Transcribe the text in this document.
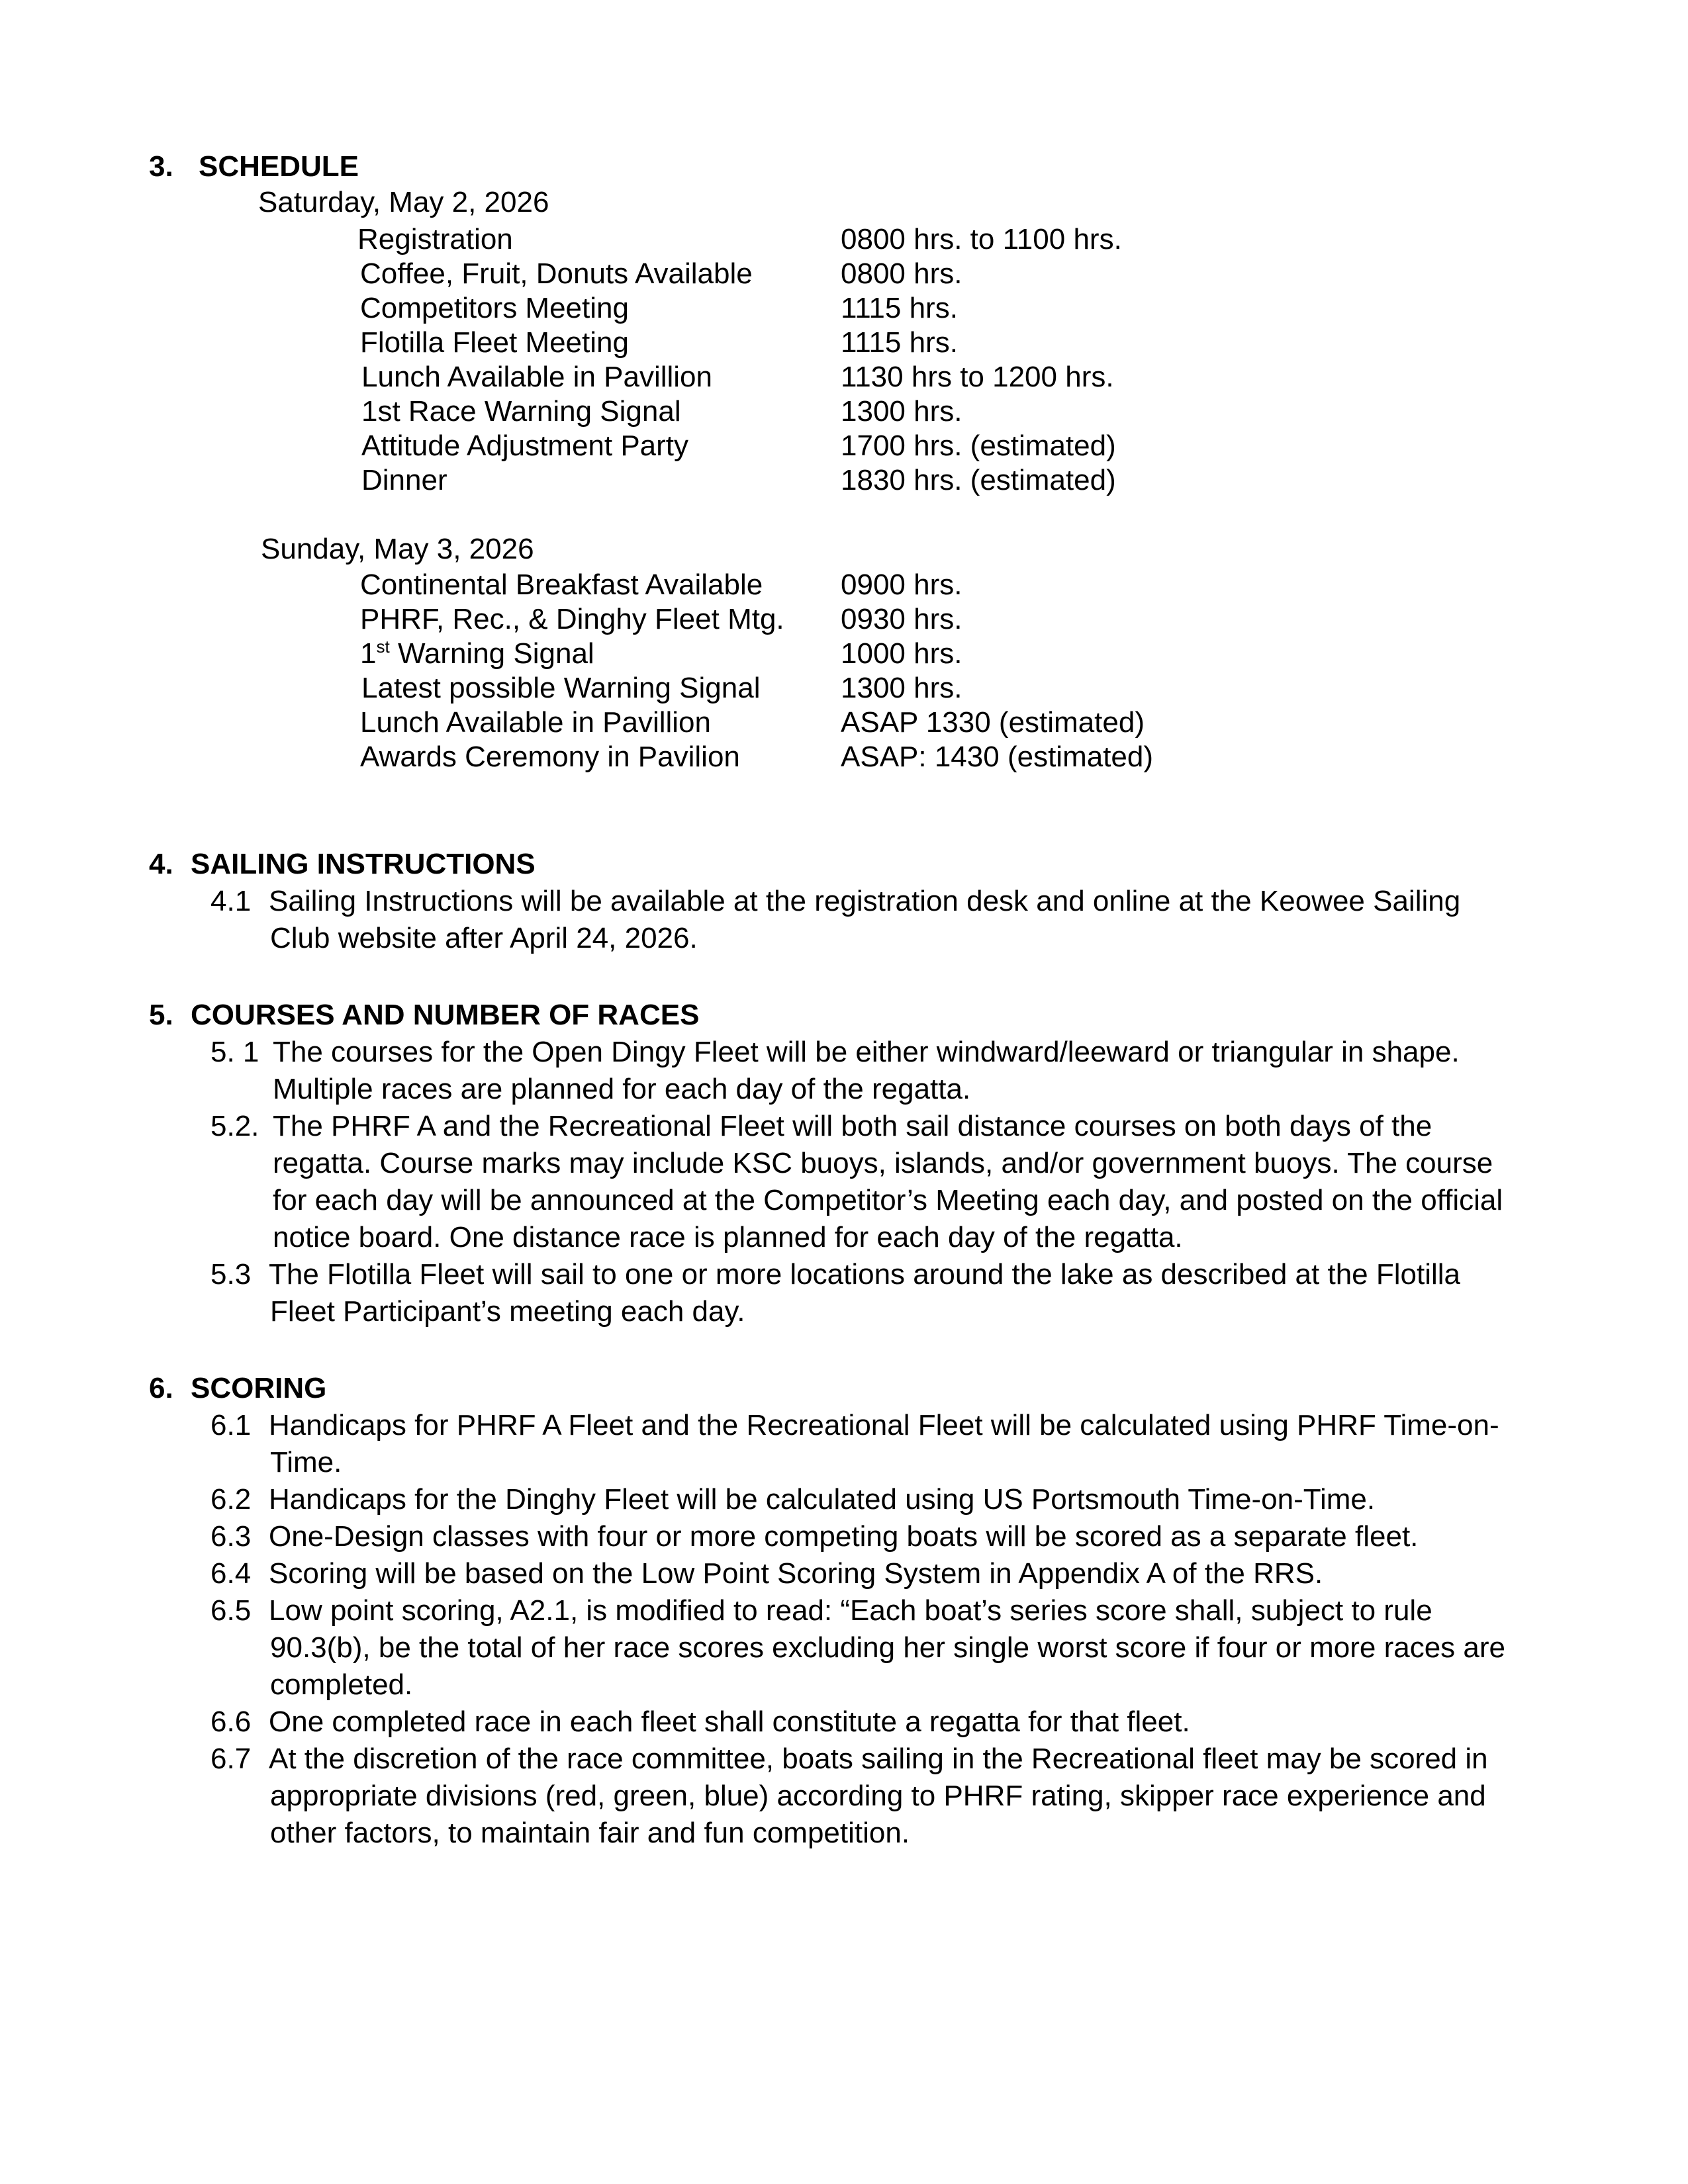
3. SCHEDULE
Saturday, May 2, 2026
Registration	0800 hrs. to 1100 hrs.
Coffee, Fruit, Donuts Available	0800 hrs.
Competitors Meeting	1115 hrs.
Flotilla Fleet Meeting	1115 hrs.
Lunch Available in Pavillion	1130 hrs to 1200 hrs.
1st Race Warning Signal	1300 hrs.
Attitude Adjustment Party	1700 hrs. (estimated)
Dinner	1830 hrs. (estimated)
Sunday, May 3, 2026
Continental Breakfast Available	0900 hrs.
PHRF, Rec., & Dinghy Fleet Mtg. 0930 hrs.
1st Warning Signal	1000 hrs.
Latest possible Warning Signal	1300 hrs.
Lunch Available in Pavillion	ASAP 1330 (estimated)
Awards Ceremony in Pavilion	ASAP: 1430 (estimated)
4. SAILING INSTRUCTIONS
4.1 Sailing Instructions will be available at the registration desk and online at the Keowee Sailing
Club website after April 24, 2026.
5. COURSES AND NUMBER OF RACES
5. 1 The courses for the Open Dingy Fleet will be either windward/leeward or triangular in shape.
Multiple races are planned for each day of the regatta.
5.2. The PHRF A and the Recreational Fleet will both sail distance courses on both days of the
regatta. Course marks may include KSC buoys, islands, and/or government buoys. The course
for each day will be announced at the Competitor’s Meeting each day, and posted on the official
notice board. One distance race is planned for each day of the regatta.
5.3 The Flotilla Fleet will sail to one or more locations around the lake as described at the Flotilla
Fleet Participant’s meeting each day.
6. SCORING
6.1 Handicaps for PHRF A Fleet and the Recreational Fleet will be calculated using PHRF Time-on-
Time.
6.2 Handicaps for the Dinghy Fleet will be calculated using US Portsmouth Time-on-Time.
6.3 One-Design classes with four or more competing boats will be scored as a separate fleet.
6.4 Scoring will be based on the Low Point Scoring System in Appendix A of the RRS.
6.5 Low point scoring, A2.1, is modified to read: “Each boat’s series score shall, subject to rule
90.3(b), be the total of her race scores excluding her single worst score if four or more races are
completed.
6.6 One completed race in each fleet shall constitute a regatta for that fleet.
6.7 At the discretion of the race committee, boats sailing in the Recreational fleet may be scored in
appropriate divisions (red, green, blue) according to PHRF rating, skipper race experience and
other factors, to maintain fair and fun competition.
